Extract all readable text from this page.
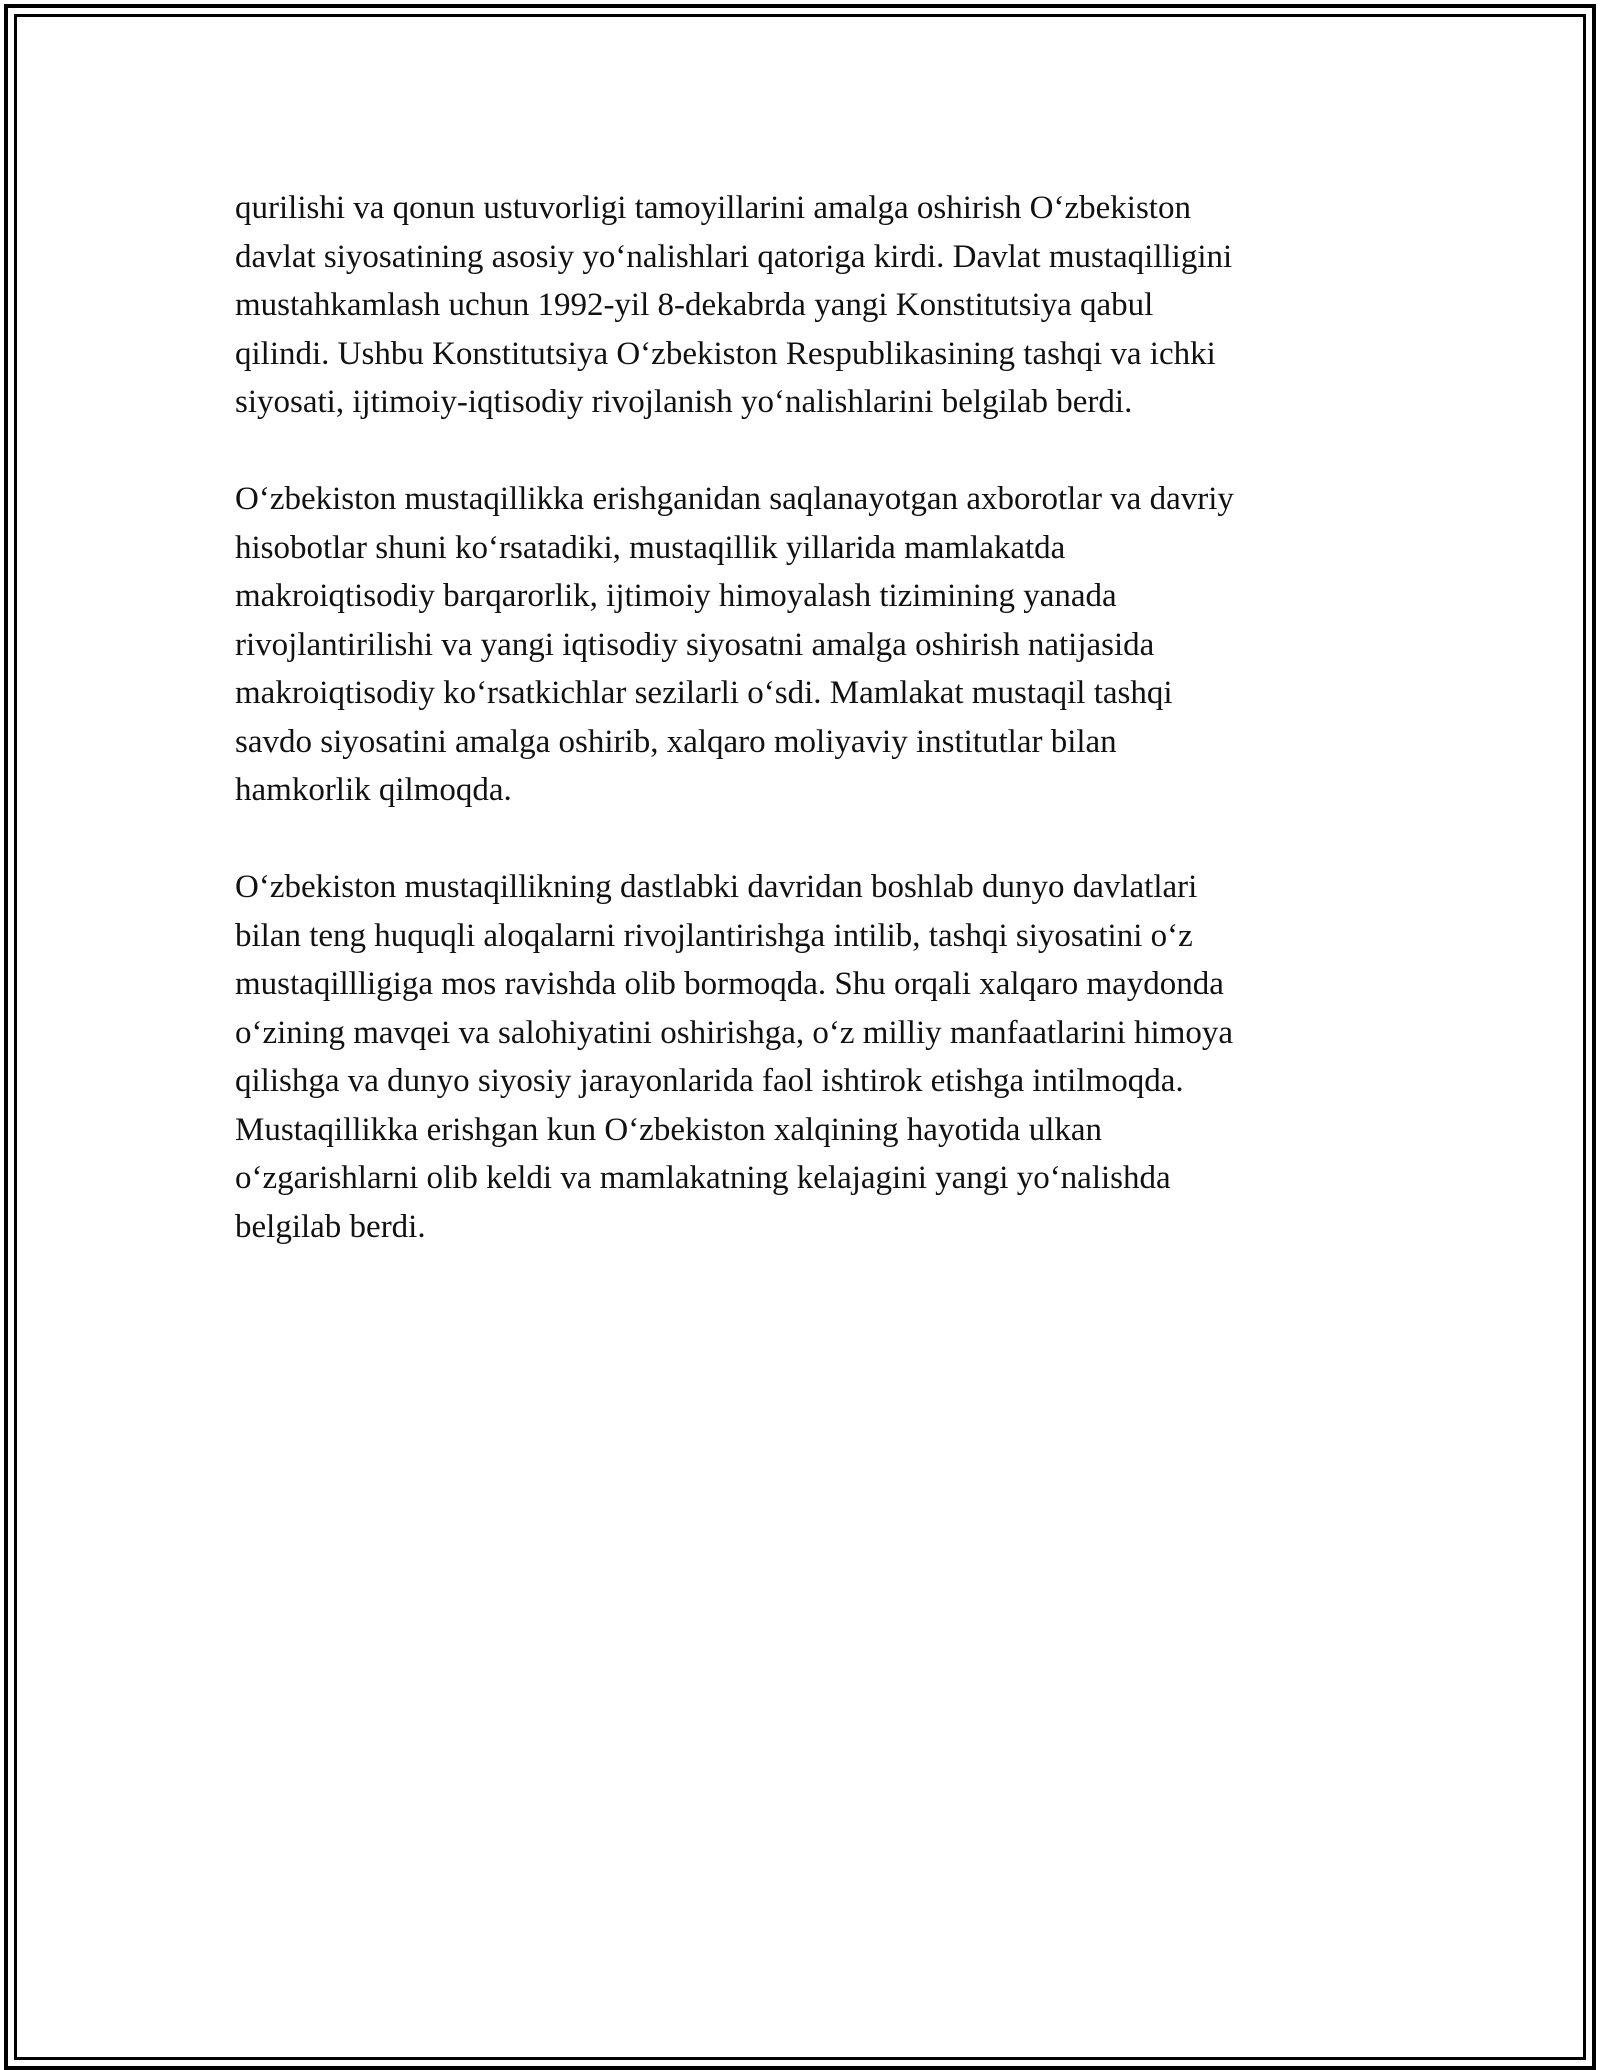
qurilishi va qonun ustuvorligi tamoyillarini amalga oshirish O‘zbekiston
davlat siyosatining asosiy yo‘nalishlari qatoriga kirdi. Davlat mustaqilligini
mustahkamlash uchun 1992-yil 8-dekabrda yangi Konstitutsiya qabul
qilindi. Ushbu Konstitutsiya O‘zbekiston Respublikasining tashqi va ichki
siyosati, ijtimoiy-iqtisodiy rivojlanish yo‘nalishlarini belgilab berdi.

O‘zbekiston mustaqillikka erishganidan saqlanayotgan axborotlar va davriy
hisobotlar shuni ko‘rsatadiki, mustaqillik yillarida mamlakatda
makroiqtisodiy barqarorlik, ijtimoiy himoyalash tizimining yanada
rivojlantirilishi va yangi iqtisodiy siyosatni amalga oshirish natijasida
makroiqtisodiy ko‘rsatkichlar sezilarli o‘sdi. Mamlakat mustaqil tashqi
savdo siyosatini amalga oshirib, xalqaro moliyaviy institutlar bilan
hamkorlik qilmoqda.

O‘zbekiston mustaqillikning dastlabki davridan boshlab dunyo davlatlari
bilan teng huquqli aloqalarni rivojlantirishga intilib, tashqi siyosatini o‘z
mustaqillligiga mos ravishda olib bormoqda. Shu orqali xalqaro maydonda
o‘zining mavqei va salohiyatini oshirishga, o‘z milliy manfaatlarini himoya
qilishga va dunyo siyosiy jarayonlarida faol ishtirok etishga intilmoqda.
Mustaqillikka erishgan kun O‘zbekiston xalqining hayotida ulkan
o‘zgarishlarni olib keldi va mamlakatning kelajagini yangi yo‘nalishda
belgilab berdi.
